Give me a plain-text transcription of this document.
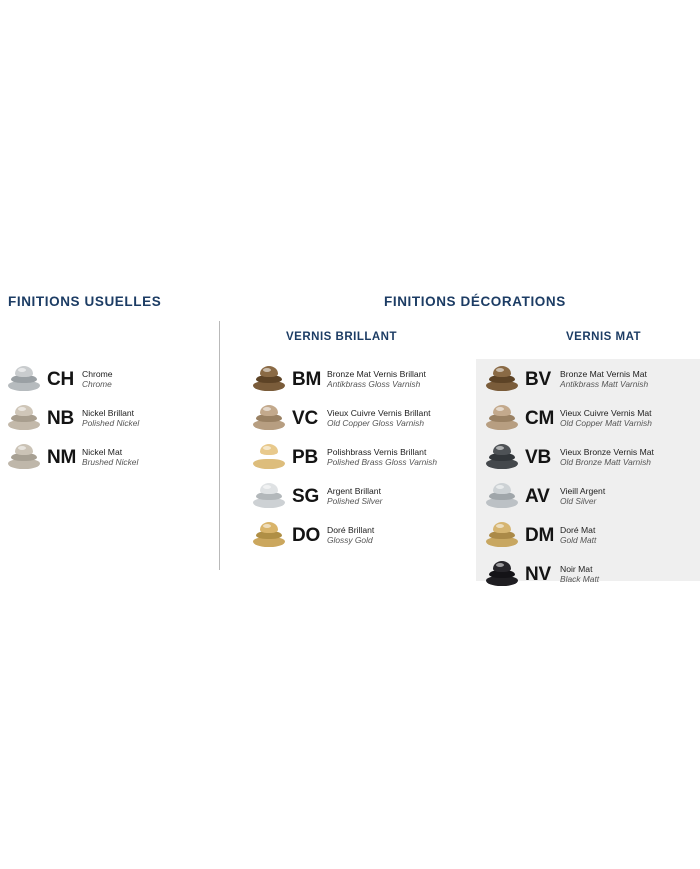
FINITIONS USUELLES	FINITIONS DÉCORATIONS
VERNIS BRILLANT	VERNIS MAT
CH Chrome
Chrome
NB Nickel Brillant
Polished Nickel
NM Nickel Mat
Brushed Nickel
BM Bronze Mat Vernis Brillant
Antikbrass Gloss Varnish
VC	Vieux Cuivre Vernis Brillant
Old Copper Gloss Varnish
PB	Polishbrass Vernis Brillant
Polished Brass Gloss Varnish
SG Argent Brillant
Polished Silver
DO Doré Brillant
Glossy Gold
BV	Bronze Mat Vernis Mat
Antikbrass Matt Varnish
CM Vieux Cuivre Vernis Mat
Old Copper Matt Varnish
VB	Vieux Bronze Vernis Mat
Old Bronze Matt Varnish
AV	Vieill Argent
Old Silver
DM Doré Mat
Gold Matt
NV	Noir Mat
Black Matt
